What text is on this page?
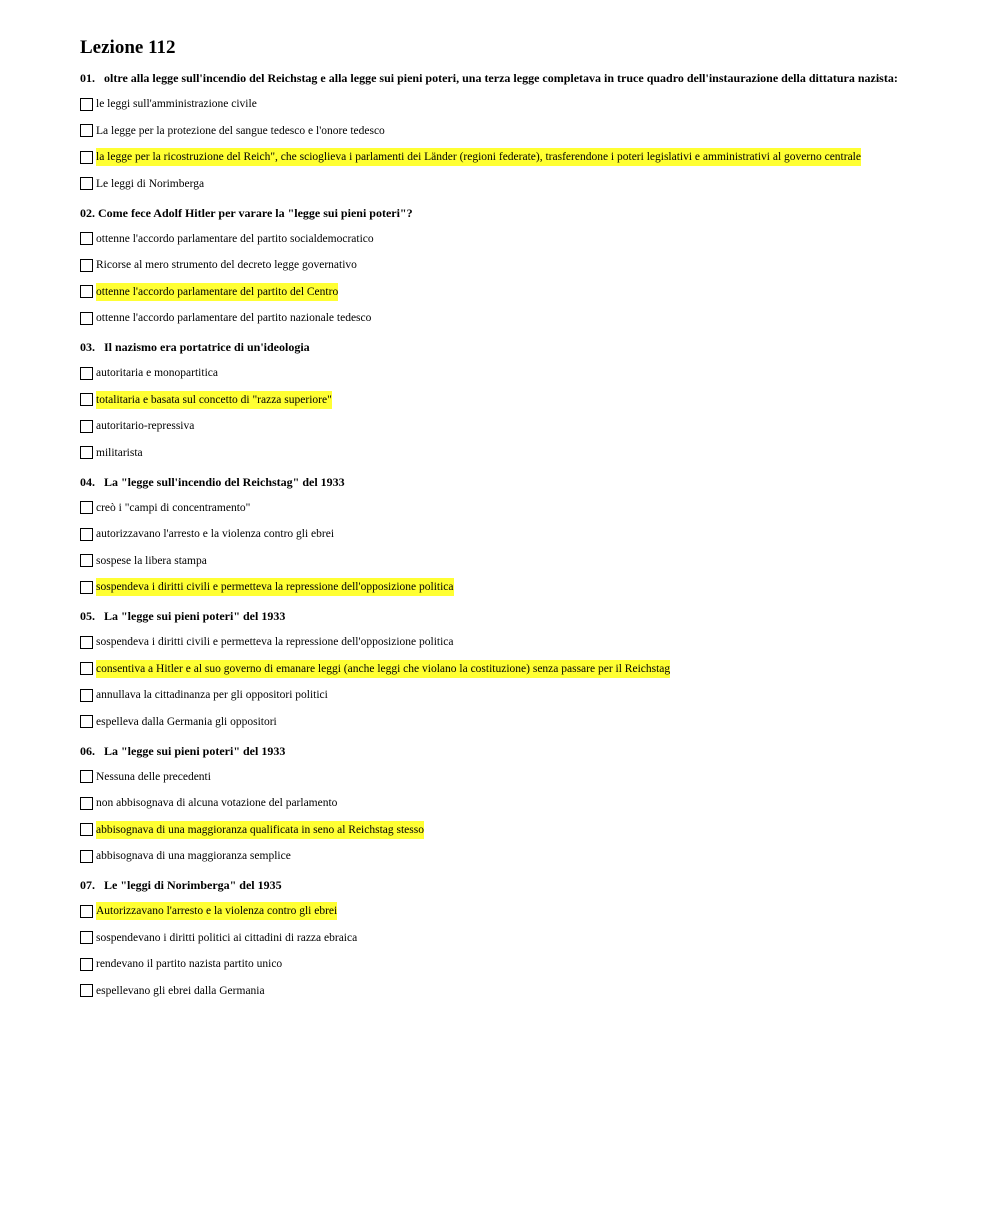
Lezione 112
01. oltre alla legge sull'incendio del Reichstag e alla legge sui pieni poteri, una terza legge completava in truce quadro dell'instaurazione della dittatura nazista:
le leggi sull'amministrazione civile
La legge per la protezione del sangue tedesco e l'onore tedesco
la legge per la ricostruzione del Reich", che scioglieva i parlamenti dei Länder (regioni federate), trasferendone i poteri legislativi e amministrativi al governo centrale
Le leggi di Norimberga
02. Come fece Adolf Hitler per varare la "legge sui pieni poteri"?
ottenne l'accordo parlamentare del partito socialdemocratico
Ricorse al mero strumento del decreto legge governativo
ottenne l'accordo parlamentare del partito del Centro
ottenne l'accordo parlamentare del partito nazionale tedesco
03. Il nazismo era portatrice di un'ideologia
autoritaria e monopartitica
totalitaria e basata sul concetto di "razza superiore"
autoritario-repressiva
militarista
04. La "legge sull'incendio del Reichstag" del 1933
creò i "campi di concentramento"
autorizzavano l'arresto e la violenza contro gli ebrei
sospese la libera stampa
sospendeva i diritti civili e permetteva la repressione dell'opposizione politica
05. La "legge sui pieni poteri" del 1933
sospendeva i diritti civili e permetteva la repressione dell'opposizione politica
consentiva a Hitler e al suo governo di emanare leggi (anche leggi che violano la costituzione) senza passare per il Reichstag
annullava la cittadinanza per gli oppositori politici
espelleva dalla Germania gli oppositori
06. La "legge sui pieni poteri" del 1933
Nessuna delle precedenti
non abbisognava di alcuna votazione del parlamento
abbisognava di una maggioranza qualificata in seno al Reichstag stesso
abbisognava di una maggioranza semplice
07. Le "leggi di Norimberga" del 1935
Autorizzavano l'arresto e la violenza contro gli ebrei
sospendevano i diritti politici ai cittadini di razza ebraica
rendevano il partito nazista partito unico
espellevano gli ebrei dalla Germania
